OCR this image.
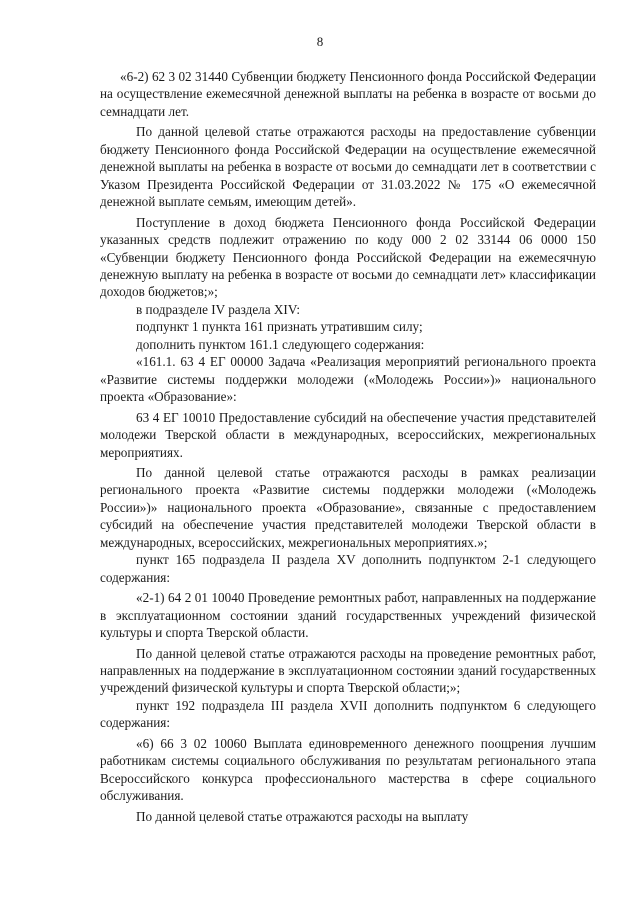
8

«6-2) 62 3 02 31440 Субвенции бюджету Пенсионного фонда Российской Федерации на осуществление ежемесячной денежной выплаты на ребенка в возрасте от восьми до семнадцати лет.

По данной целевой статье отражаются расходы на предоставление субвенции бюджету Пенсионного фонда Российской Федерации на осуществление ежемесячной денежной выплаты на ребенка в возрасте от восьми до семнадцати лет в соответствии с Указом Президента Российской Федерации от 31.03.2022 № 175 «О ежемесячной денежной выплате семьям, имеющим детей».

Поступление в доход бюджета Пенсионного фонда Российской Федерации указанных средств подлежит отражению по коду 000 2 02 33144 06 0000 150 «Субвенции бюджету Пенсионного фонда Российской Федерации на ежемесячную денежную выплату на ребенка в возрасте от восьми до семнадцати лет» классификации доходов бюджетов;»;

в подразделе IV раздела XIV:

подпункт 1 пункта 161 признать утратившим силу;

дополнить пунктом 161.1 следующего содержания:

«161.1. 63 4 ЕГ 00000 Задача «Реализация мероприятий регионального проекта «Развитие системы поддержки молодежи («Молодежь России»)» национального проекта «Образование»:

63 4 ЕГ 10010 Предоставление субсидий на обеспечение участия представителей молодежи Тверской области в международных, всероссийских, межрегиональных мероприятиях.

По данной целевой статье отражаются расходы в рамках реализации регионального проекта «Развитие системы поддержки молодежи («Молодежь России»)» национального проекта «Образование», связанные с предоставлением субсидий на обеспечение участия представителей молодежи Тверской области в международных, всероссийских, межрегиональных мероприятиях.»;

пункт 165 подраздела II раздела XV дополнить подпунктом 2-1 следующего содержания:

«2-1) 64 2 01 10040 Проведение ремонтных работ, направленных на поддержание в эксплуатационном состоянии зданий государственных учреждений физической культуры и спорта Тверской области.

По данной целевой статье отражаются расходы на проведение ремонтных работ, направленных на поддержание в эксплуатационном состоянии зданий государственных учреждений физической культуры и спорта Тверской области;»;

пункт 192 подраздела III раздела XVII дополнить подпунктом 6 следующего содержания:

«6) 66 3 02 10060 Выплата единовременного денежного поощрения лучшим работникам системы социального обслуживания по результатам регионального этапа Всероссийского конкурса профессионального мастерства в сфере социального обслуживания.

По данной целевой статье отражаются расходы на выплату
